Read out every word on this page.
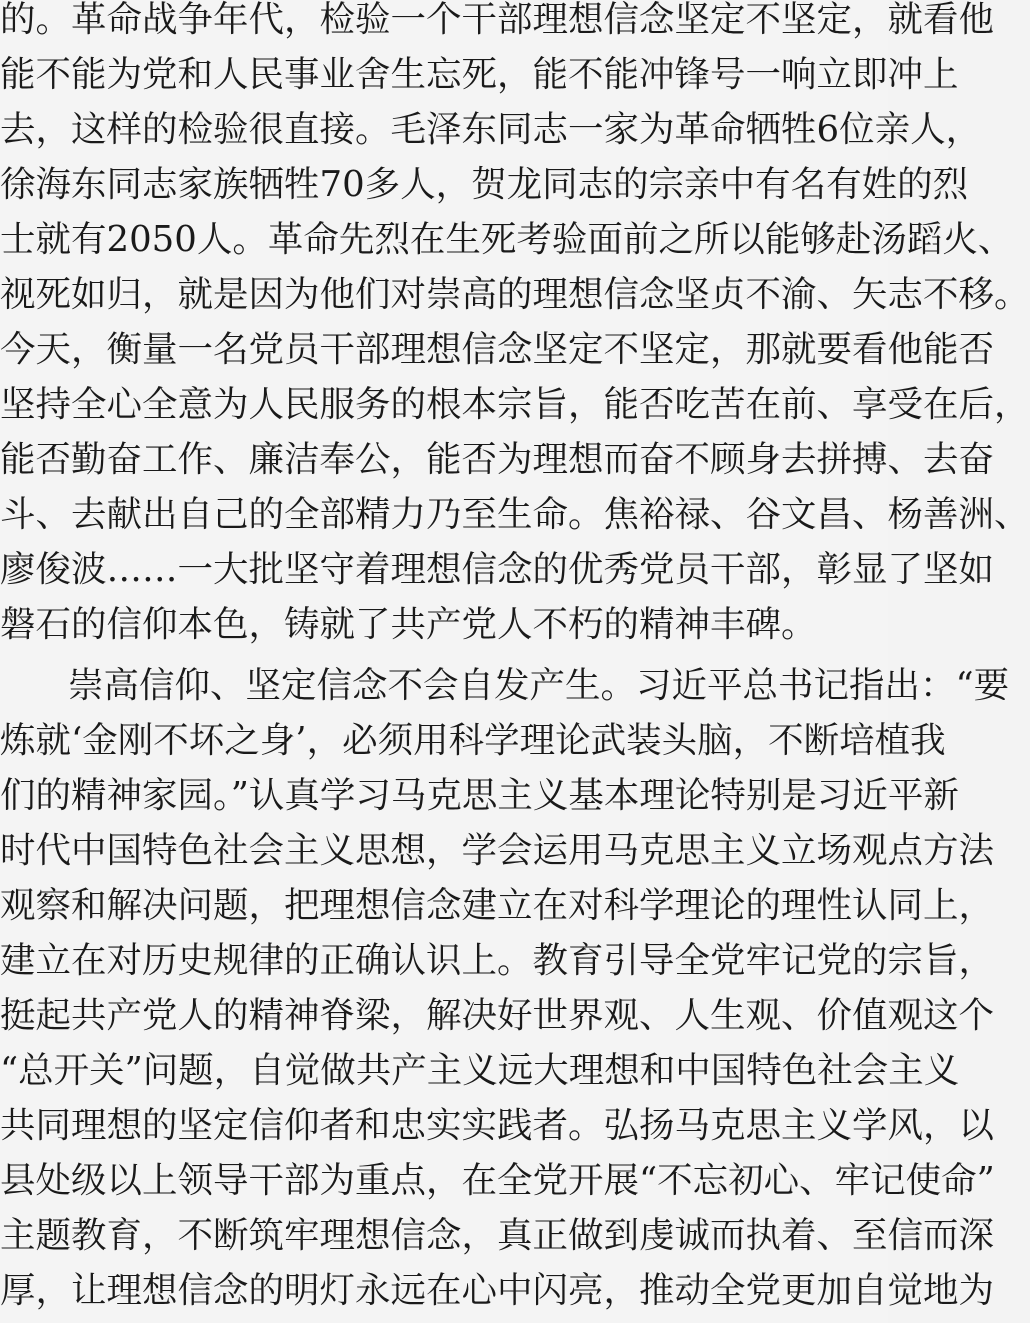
的。革命战争年代，检验一个干部理想信念坚定不坚定，就看他
能不能为党和人民事业舍生忘死，能不能冲锋号一响立即冲上
去，这样的检验很直接。毛泽东同志一家为革命牺牲6位亲人，
徐海东同志家族牺牲70多人，贺龙同志的宗亲中有名有姓的烈
士就有2050人。革命先烈在生死考验面前之所以能够赴汤蹈火、
视死如归，就是因为他们对崇高的理想信念坚贞不渝、矢志不移。
今天，衡量一名党员干部理想信念坚定不坚定，那就要看他能否
坚持全心全意为人民服务的根本宗旨，能否吃苦在前、享受在后，
能否勤奋工作、廉洁奉公，能否为理想而奋不顾身去拼搏、去奋
斗、去献出自己的全部精力乃至生命。焦裕禄、谷文昌、杨善洲、
廖俊波……一大批坚守着理想信念的优秀党员干部，彰显了坚如
磐石的信仰本色，铸就了共产党人不朽的精神丰碑。
崇高信仰、坚定信念不会自发产生。习近平总书记指出：“要
炼就‘金刚不坏之身’，必须用科学理论武装头脑，不断培植我
们的精神家园。”认真学习马克思主义基本理论特别是习近平新
时代中国特色社会主义思想，学会运用马克思主义立场观点方法
观察和解决问题，把理想信念建立在对科学理论的理性认同上，
建立在对历史规律的正确认识上。教育引导全党牢记党的宗旨，
挺起共产党人的精神脊梁，解决好世界观、人生观、价值观这个
“总开关”问题，自觉做共产主义远大理想和中国特色社会主义
共同理想的坚定信仰者和忠实实践者。弘扬马克思主义学风，以
县处级以上领导干部为重点，在全党开展“不忘初心、牢记使命”
主题教育，不断筑牢理想信念，真正做到虔诚而执着、至信而深
厚，让理想信念的明灯永远在心中闪亮，推动全党更加自觉地为
